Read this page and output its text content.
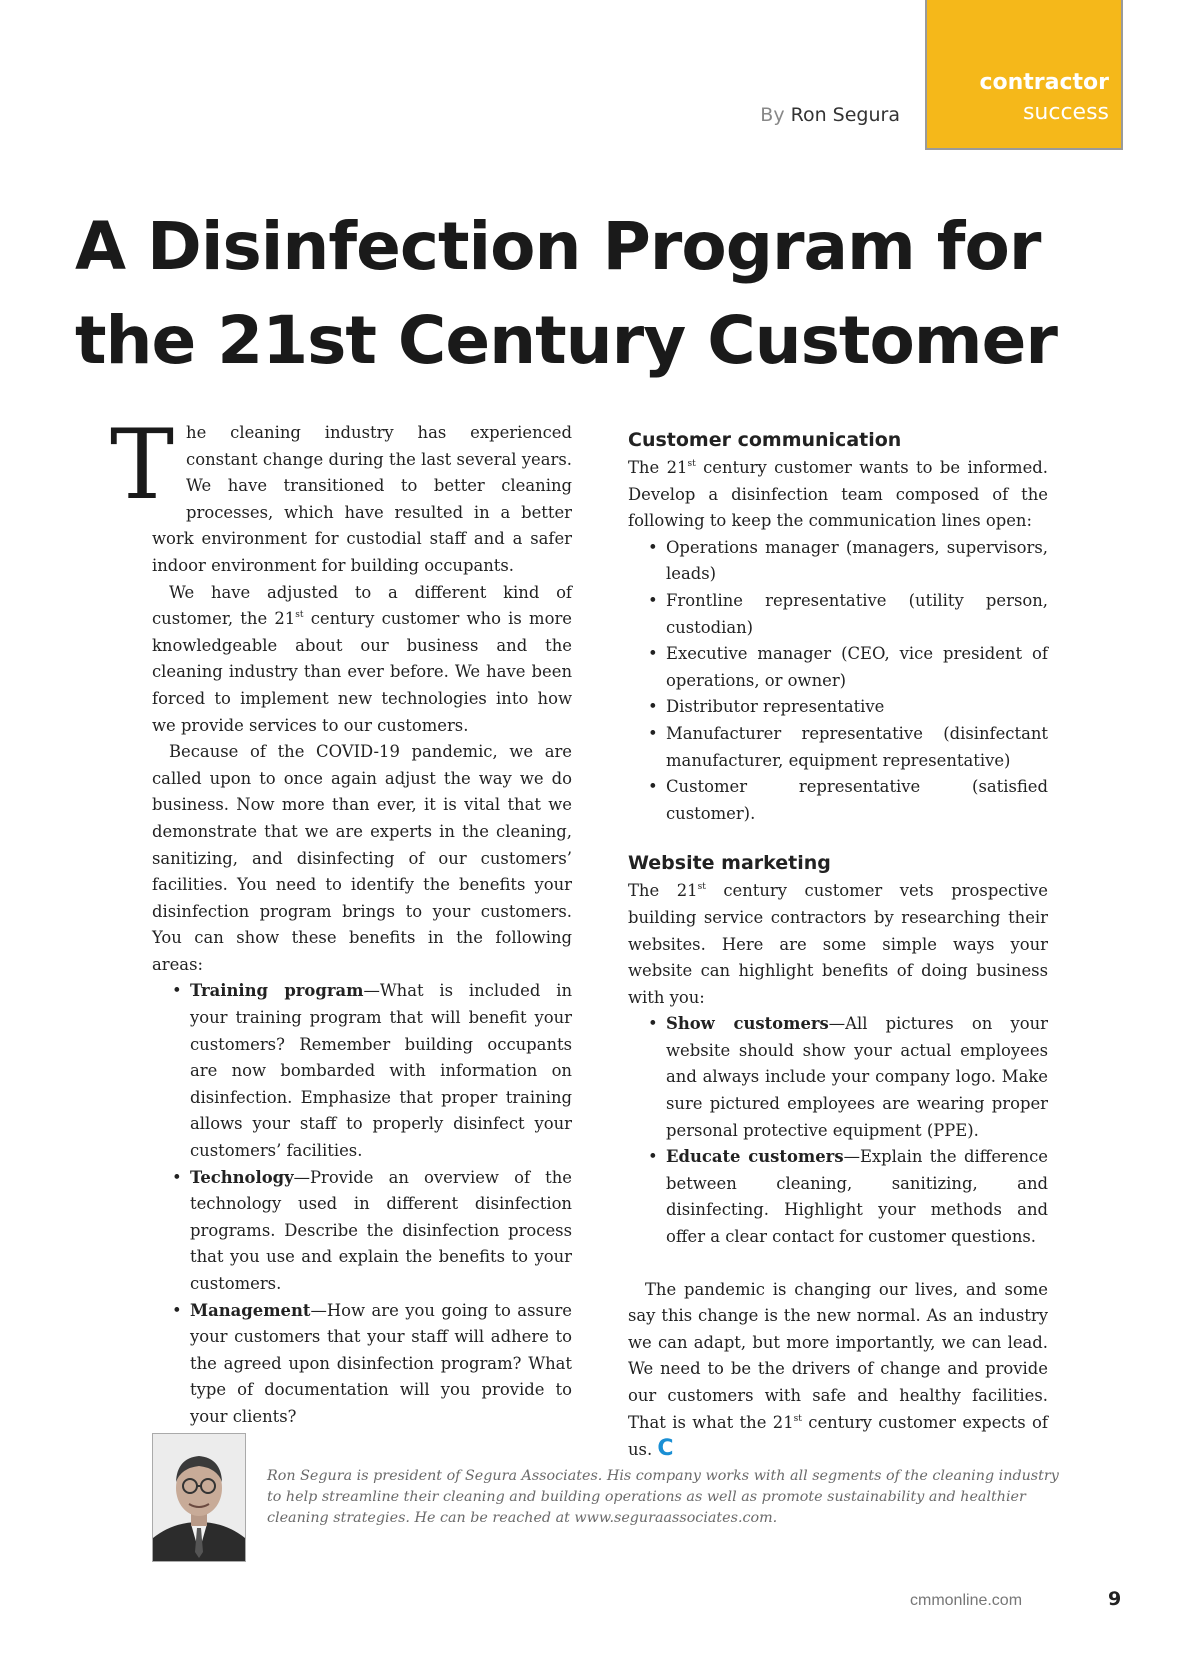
contractor
success
By Ron Segura
A Disinfection Program for
the 21st Century Customer

The cleaning industry has experienced constant change during the last several years. We have transitioned to better cleaning processes, which have resulted in a better work environment for custodial staff and a safer indoor environment for building occupants.

We have adjusted to a different kind of customer, the 21st century customer who is more knowledgeable about our business and the cleaning industry than ever before. We have been forced to implement new technologies into how we provide services to our customers.

Because of the COVID-19 pandemic, we are called upon to once again adjust the way we do business. Now more than ever, it is vital that we demonstrate that we are experts in the cleaning, sanitizing, and disinfecting of our customers’ facilities. You need to identify the benefits your disinfection program brings to your customers. You can show these benefits in the following areas:

• Training program—What is included in your training program that will benefit your customers? Remember building occupants are now bombarded with information on disinfection. Emphasize that proper training allows your staff to properly disinfect your customers’ facilities.
• Technology—Provide an overview of the technology used in different disinfection programs. Describe the disinfection process that you use and explain the benefits to your customers.
• Management—How are you going to assure your customers that your staff will adhere to the agreed upon disinfection program? What type of documentation will you provide to your clients?
Customer communication

The 21st century customer wants to be informed. Develop a disinfection team composed of the following to keep the communication lines open:

• Operations manager (managers, supervisors, leads)
• Frontline representative (utility person, custodian)
• Executive manager (CEO, vice president of operations, or owner)
• Distributor representative
• Manufacturer representative (disinfectant manufacturer, equipment representative)
• Customer representative (satisfied customer).
Website marketing

The 21st century customer vets prospective building service contractors by researching their websites. Here are some simple ways your website can highlight benefits of doing business with you:

• Show customers—All pictures on your website should show your actual employees and always include your company logo. Make sure pictured employees are wearing proper personal protective equipment (PPE).
• Educate customers—Explain the difference between cleaning, sanitizing, and disinfecting. Highlight your methods and offer a clear contact for customer questions.

The pandemic is changing our lives, and some say this change is the new normal. As an industry we can adapt, but more importantly, we can lead. We need to be the drivers of change and provide our customers with safe and healthy facilities. That is what the 21st century customer expects of us. C

Ron Segura is president of Segura Associates. His company works with all segments of the cleaning industry to help streamline their cleaning and building operations as well as promote sustainability and healthier cleaning strategies. He can be reached at www.seguraassociates.com.

cmmonline.com	9
